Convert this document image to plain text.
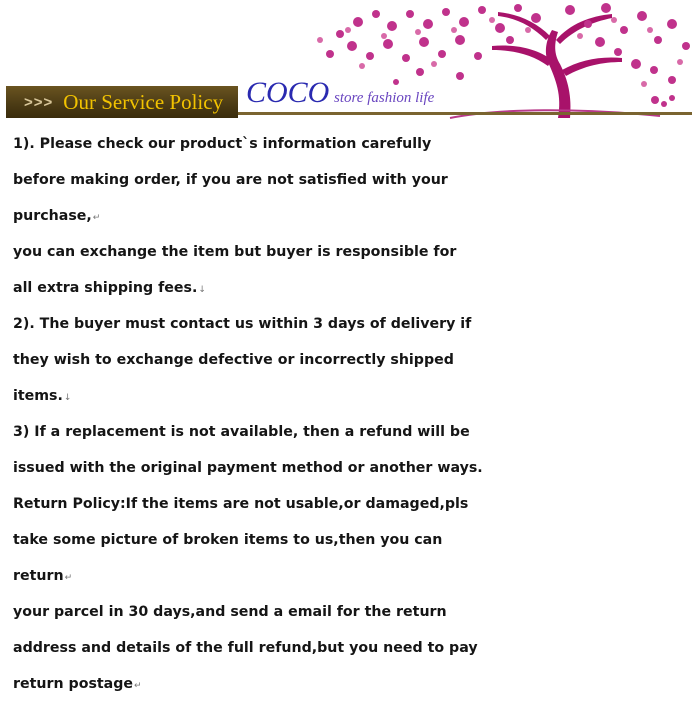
>>> Our Service Policy COCO store fashion life
1). Please check our product`s information carefully
before making order, if you are not satisfied with your
purchase,↵
you can exchange the item but buyer is responsible for
all extra shipping fees.↓
2). The buyer must contact us within 3 days of delivery if
they wish to exchange defective or incorrectly shipped
items.↓
3) If a replacement is not available, then a refund will be
issued with the original payment method or another ways.
Return Policy:If the items are not usable,or damaged,pls
take some picture of broken items to us,then you can
return↵
your parcel in 30 days,and send a email for the return
address and details of the full refund,but you need to pay
return postage↵
